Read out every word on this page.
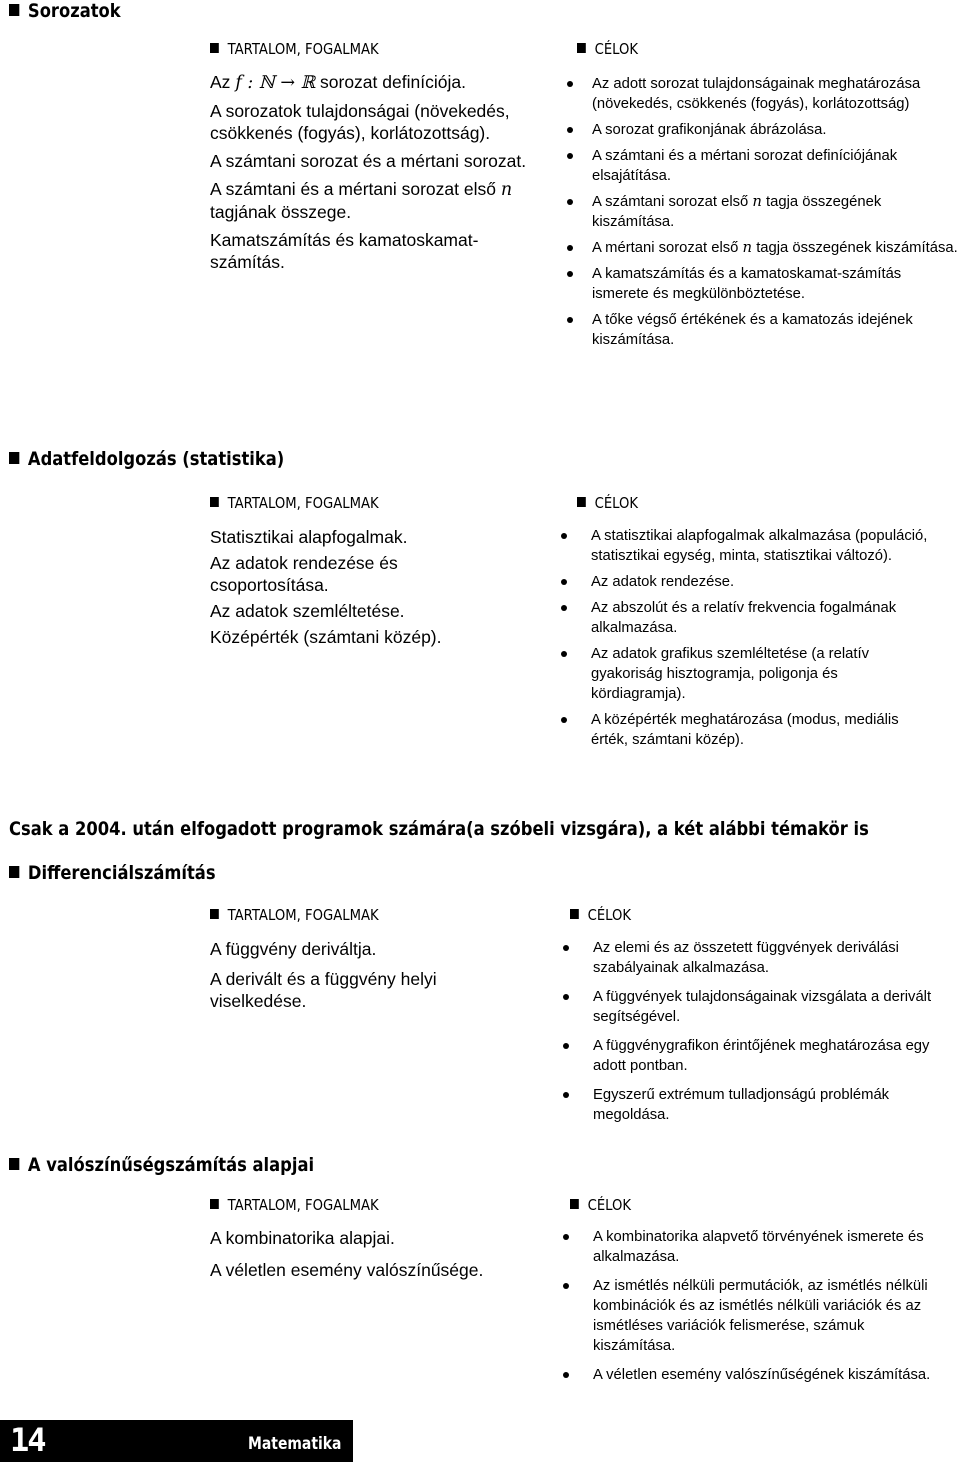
Sorozatok
TARTALOM, FOGALMAK	CÉLOK

Az f : ℕ → ℝ sorozat definíciója.

A sorozatok tulajdonságai (növekedés, csökkenés (fogyás), korlátozottság).

A számtani sorozat és a mértani sorozat.

A számtani és a mértani sorozat első n tagjának összege.

Kamatszámítás és kamatoskamat-számítás.

Az adott sorozat tulajdonságainak meghatározása (növekedés, csökkenés (fogyás), korlátozottság)
A sorozat grafikonjának ábrázolása.
A számtani és a mértani sorozat definíciójának elsajátítása.
A számtani sorozat első n tagja összegének kiszámítása.
A mértani sorozat első n tagja összegének kiszámítása.
A kamatszámítás és a kamatoskamat-számítás ismerete és megkülönböztetése.
A tőke végső értékének és a kamatozás idejének kiszámítása.
Adatfeldolgozás (statistika)
TARTALOM, FOGALMAK	CÉLOK

Statisztikai alapfogalmak.

Az adatok rendezése és csoportosítása.

Az adatok szemléltetése.

Középérték (számtani közép).

A statisztikai alapfogalmak alkalmazása (populáció, statisztikai egység, minta, statisztikai változó).
Az adatok rendezése.
Az abszolút és a relatív frekvencia fogalmának alkalmazása.
Az adatok grafikus szemléltetése (a relatív gyakoriság hisztogramja, poligonja és kördiagramja).
A középérték meghatározása (modus, mediális érték, számtani közép).
Csak a 2004. után elfogadott programok számára(a szóbeli vizsgára), a két alábbi témakör is
Differenciálszámítás
TARTALOM, FOGALMAK	CÉLOK

A függvény deriváltja.

A derivált és a függvény helyi viselkedése.

Az elemi és az összetett függvények deriválási szabályainak alkalmazása.
A függvények tulajdonságainak vizsgálata a derivált segítségével.
A függvénygrafikon érintőjének meghatározása egy adott pontban.
Egyszerű extrémum tulladjonságú problémák megoldása.
A valószínűségszámítás alapjai
TARTALOM, FOGALMAK	CÉLOK

A kombinatorika alapjai.

A véletlen esemény valószínűsége.

A kombinatorika alapvető törvényének ismerete és alkalmazása.
Az ismétlés nélküli permutációk, az ismétlés nélküli kombinációk és az ismétlés nélküli variációk és az ismétléses variációk felismerése, számuk kiszámítása.
A véletlen esemény valószínűségének kiszámítása.
14	Matematika
